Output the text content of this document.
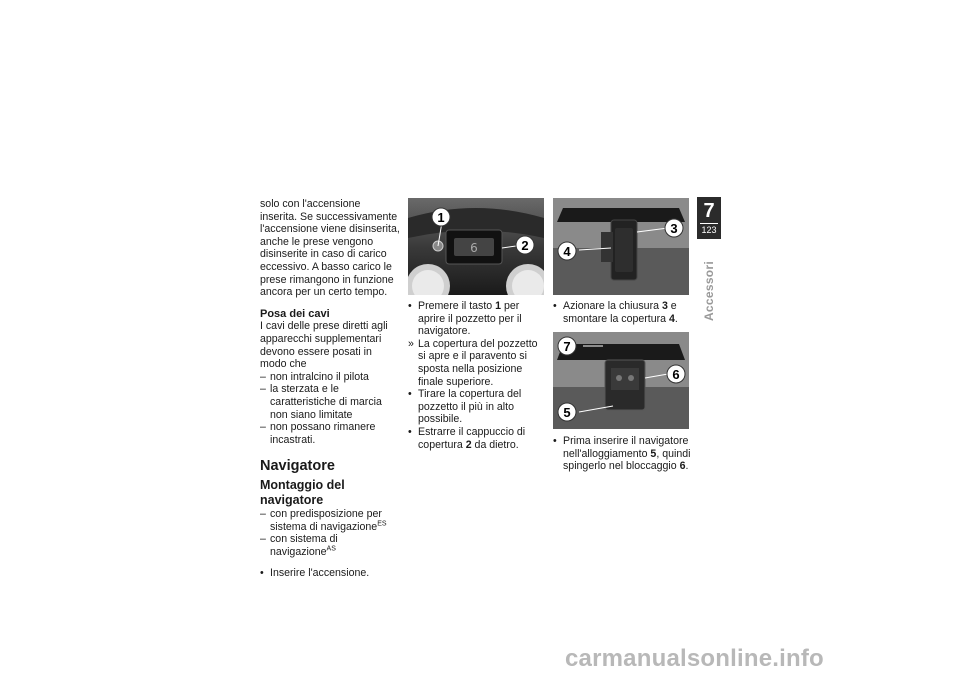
solo con l'accensione inserita. Se successivamente l'accensione viene disinserita, anche le prese vengono disinserite in caso di carico eccessivo. A basso carico le prese rimangono in funzione ancora per un certo tempo.

Posa dei cavi

I cavi delle prese diretti agli apparecchi supplementari devono essere posati in modo che

– non intralcino il pilota

– la sterzata e le caratteristiche di marcia non siano limitate

– non possano rimanere incastrati.

Navigatore

Montaggio del navigatore

– con predisposizione per sistema di navigazione$^{ES}$

– con sistema di navigazione$^{AS}$

• Inserire l'accensione.

6
1
2

• Premere il tasto 1 per aprire il pozzetto per il navigatore.

» La copertura del pozzetto si apre e il paravento si sposta nella posizione finale superiore.

• Tirare la copertura del pozzetto il più in alto possibile.

• Estrarre il cappuccio di copertura 2 da dietro.

3
4

• Azionare la chiusura 3 e smontare la copertura 4.

7
6
5

• Prima inserire il navigatore nell'alloggiamento 5, quindi spingerlo nel bloccaggio 6.

7
123
Accessori
carmanualsonline.info
